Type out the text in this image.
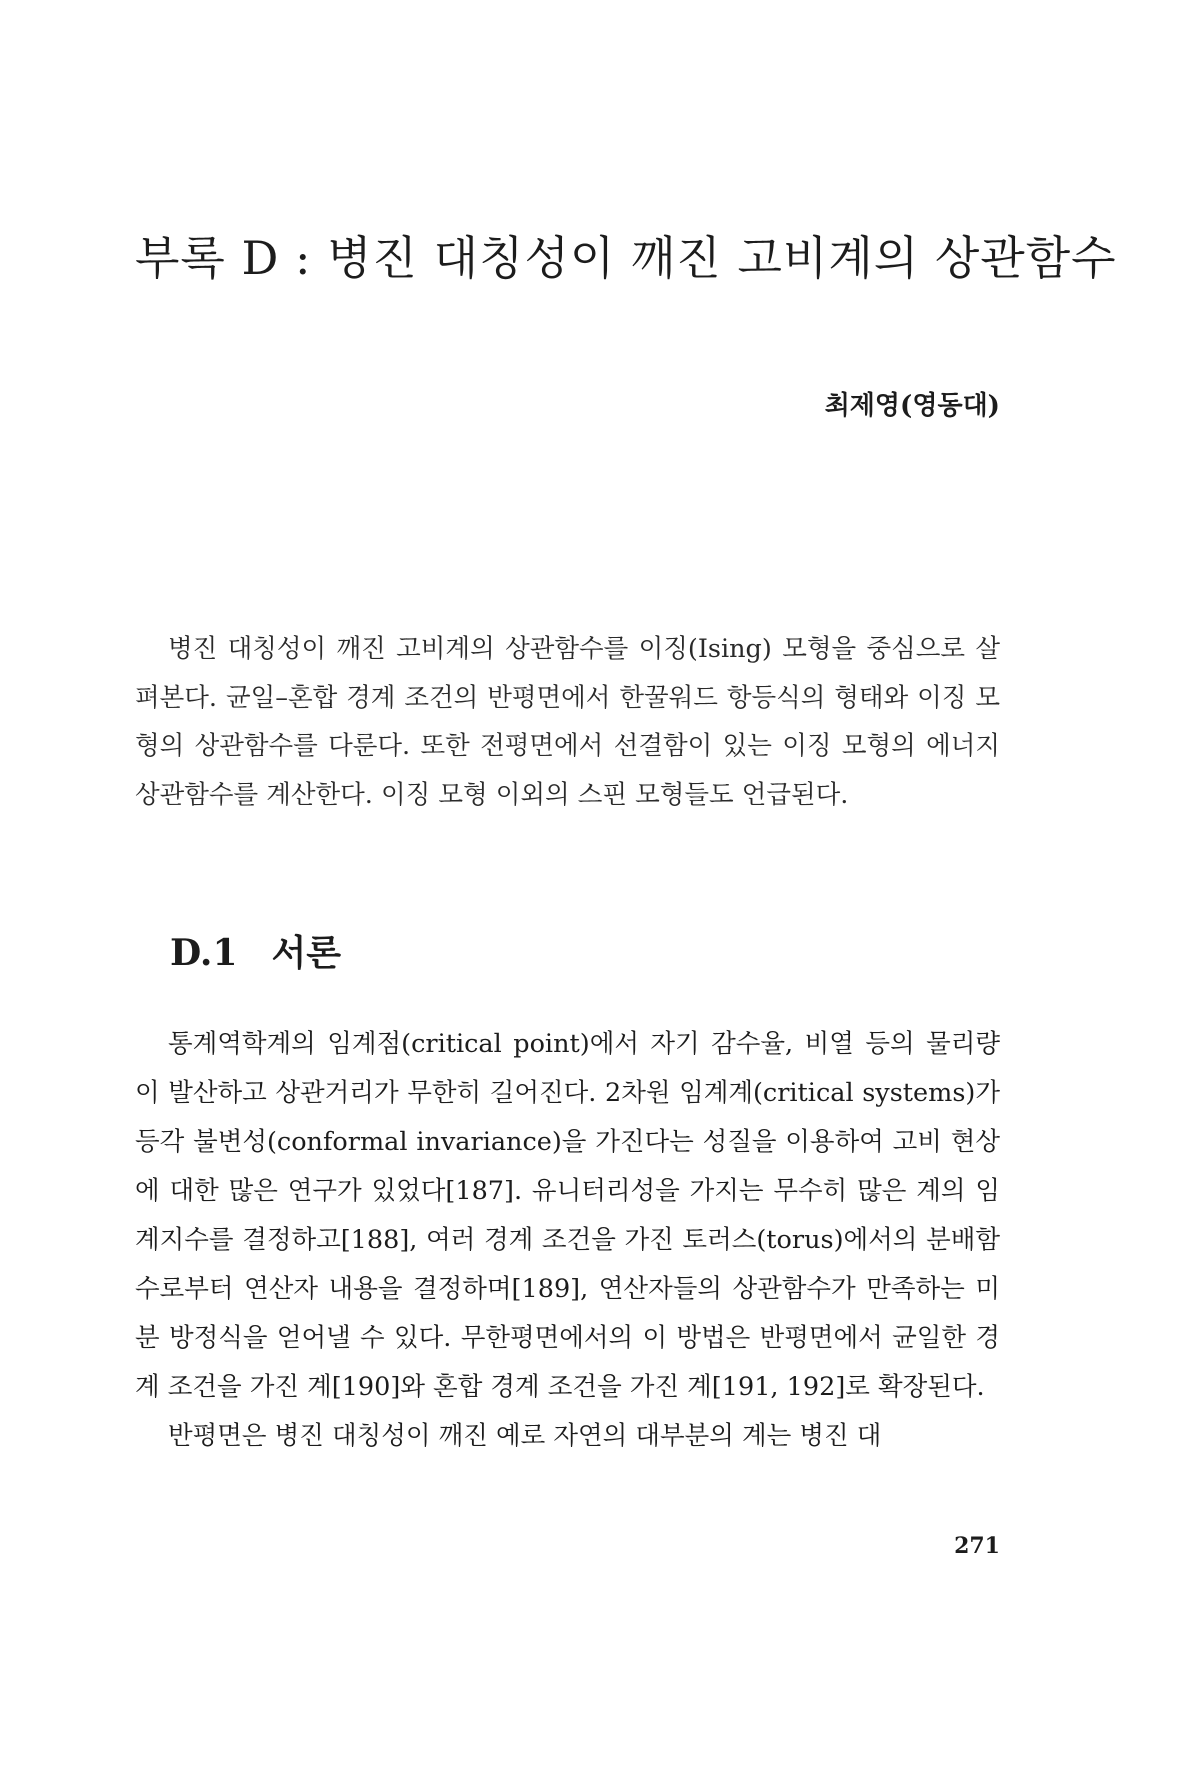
부록 D : 병진 대칭성이 깨진 고비계의 상관함수
최제영(영동대)

병진 대칭성이 깨진 고비계의 상관함수를 이징(Ising) 모형을 중심으로 살펴본다. 균일–혼합 경계 조건의 반평면에서 한꿀워드 항등식의 형태와 이징 모형의 상관함수를 다룬다. 또한 전평면에서 선결함이 있는 이징 모형의 에너지 상관함수를 계산한다. 이징 모형 이외의 스핀 모형들도 언급된다.

D.1 서론

통계역학계의 임계점(critical point)에서 자기 감수율, 비열 등의 물리량이 발산하고 상관거리가 무한히 길어진다. 2차원 임계계(critical systems)가 등각 불변성(conformal invariance)을 가진다는 성질을 이용하여 고비 현상에 대한 많은 연구가 있었다[187]. 유니터리성을 가지는 무수히 많은 계의 임계지수를 결정하고[188], 여러 경계 조건을 가진 토러스(torus)에서의 분배함수로부터 연산자 내용을 결정하며[189], 연산자들의 상관함수가 만족하는 미분 방정식을 얻어낼 수 있다. 무한평면에서의 이 방법은 반평면에서 균일한 경계 조건을 가진 계[190]와 혼합 경계 조건을 가진 계[191, 192]로 확장된다.

반평면은 병진 대칭성이 깨진 예로 자연의 대부분의 계는 병진 대

271
